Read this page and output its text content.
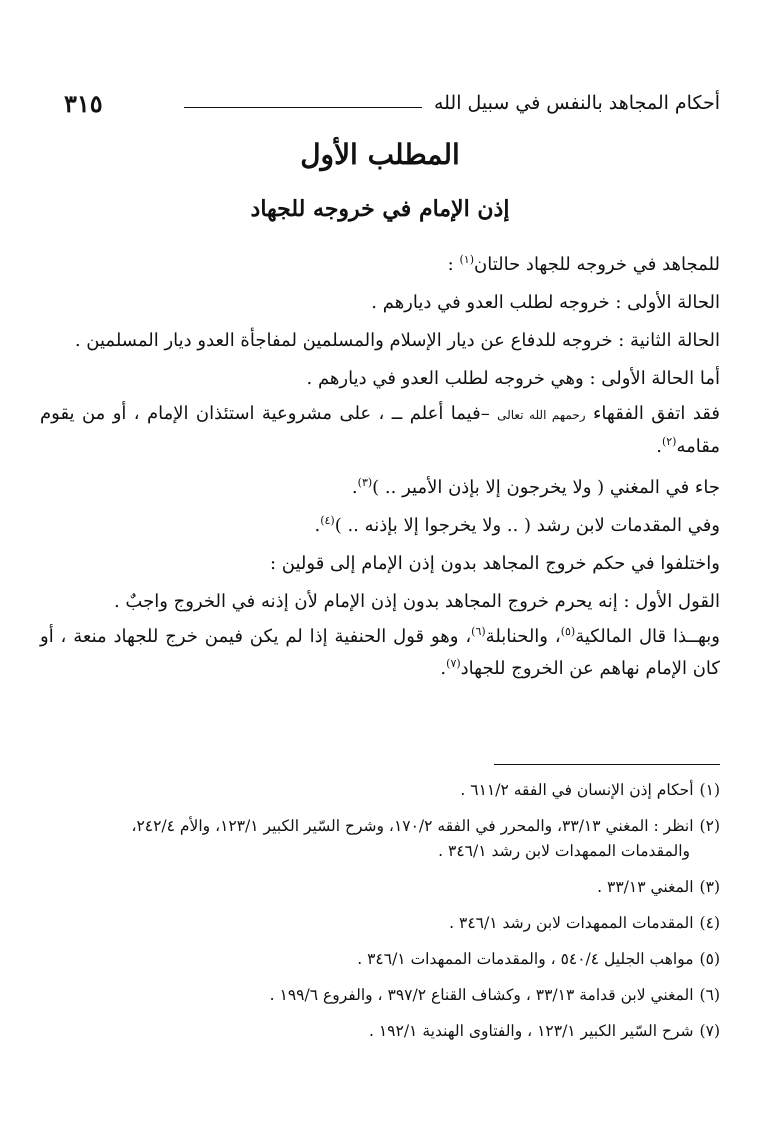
أحكام المجاهد بالنفس في سبيل الله
٣١٥
المطلب الأول
إذن الإمام في خروجه للجهاد

للمجاهد في خروجه للجهاد حالتان$^{(١)}$ :

الحالة الأولى : خروجه لطلب العدو في ديارهم .

الحالة الثانية : خروجه للدفاع عن ديار الإسلام والمسلمين لمفاجأة العدو ديار المسلمين .

أما الحالة الأولى : وهي خروجه لطلب العدو في ديارهم .

فقد اتفق الفقهاء رحمهم الله تعالى –فيما أعلم ــ ، على مشروعية استئذان الإمام ، أو من يقوم مقامه$^{(٢)}$.

جاء في المغني ( ولا يخرجون إلا بإذن الأمير .. )$^{(٣)}$.

وفي المقدمات لابن رشد ( .. ولا يخرجوا إلا بإذنه .. )$^{(٤)}$.

واختلفوا في حكم خروج المجاهد بدون إذن الإمام إلى قولين :

القول الأول : إنه يحرم خروج المجاهد بدون إذن الإمام لأن إذنه في الخروج واجبٌ .

وبهــذا قال المالكية$^{(٥)}$، والحنابلة$^{(٦)}$، وهو قول الحنفية إذا لم يكن فيمن خرج للجهاد منعة ، أو كان الإمام نهاهم عن الخروج للجهاد$^{(٧)}$.

(١)أحكام إذن الإنسان في الفقه ٦١١/٢ .
(٢)انظر : المغني ٣٣/١٣، والمحرر في الفقه ١٧٠/٢، وشرح السّير الكبير ١٢٣/١، والأم ٢٤٢/٤،
والمقدمات الممهدات لابن رشد ٣٤٦/١ .
(٣)المغني ٣٣/١٣ .
(٤)المقدمات الممهدات لابن رشد ٣٤٦/١ .
(٥)مواهب الجليل ٥٤٠/٤ ، والمقدمات الممهدات ٣٤٦/١ .
(٦)المغني لابن قدامة ٣٣/١٣ ، وكشاف القناع ٣٩٧/٢ ، والفروع ١٩٩/٦ .
(٧)شرح السّير الكبير ١٢٣/١ ، والفتاوى الهندية ١٩٢/١ .
